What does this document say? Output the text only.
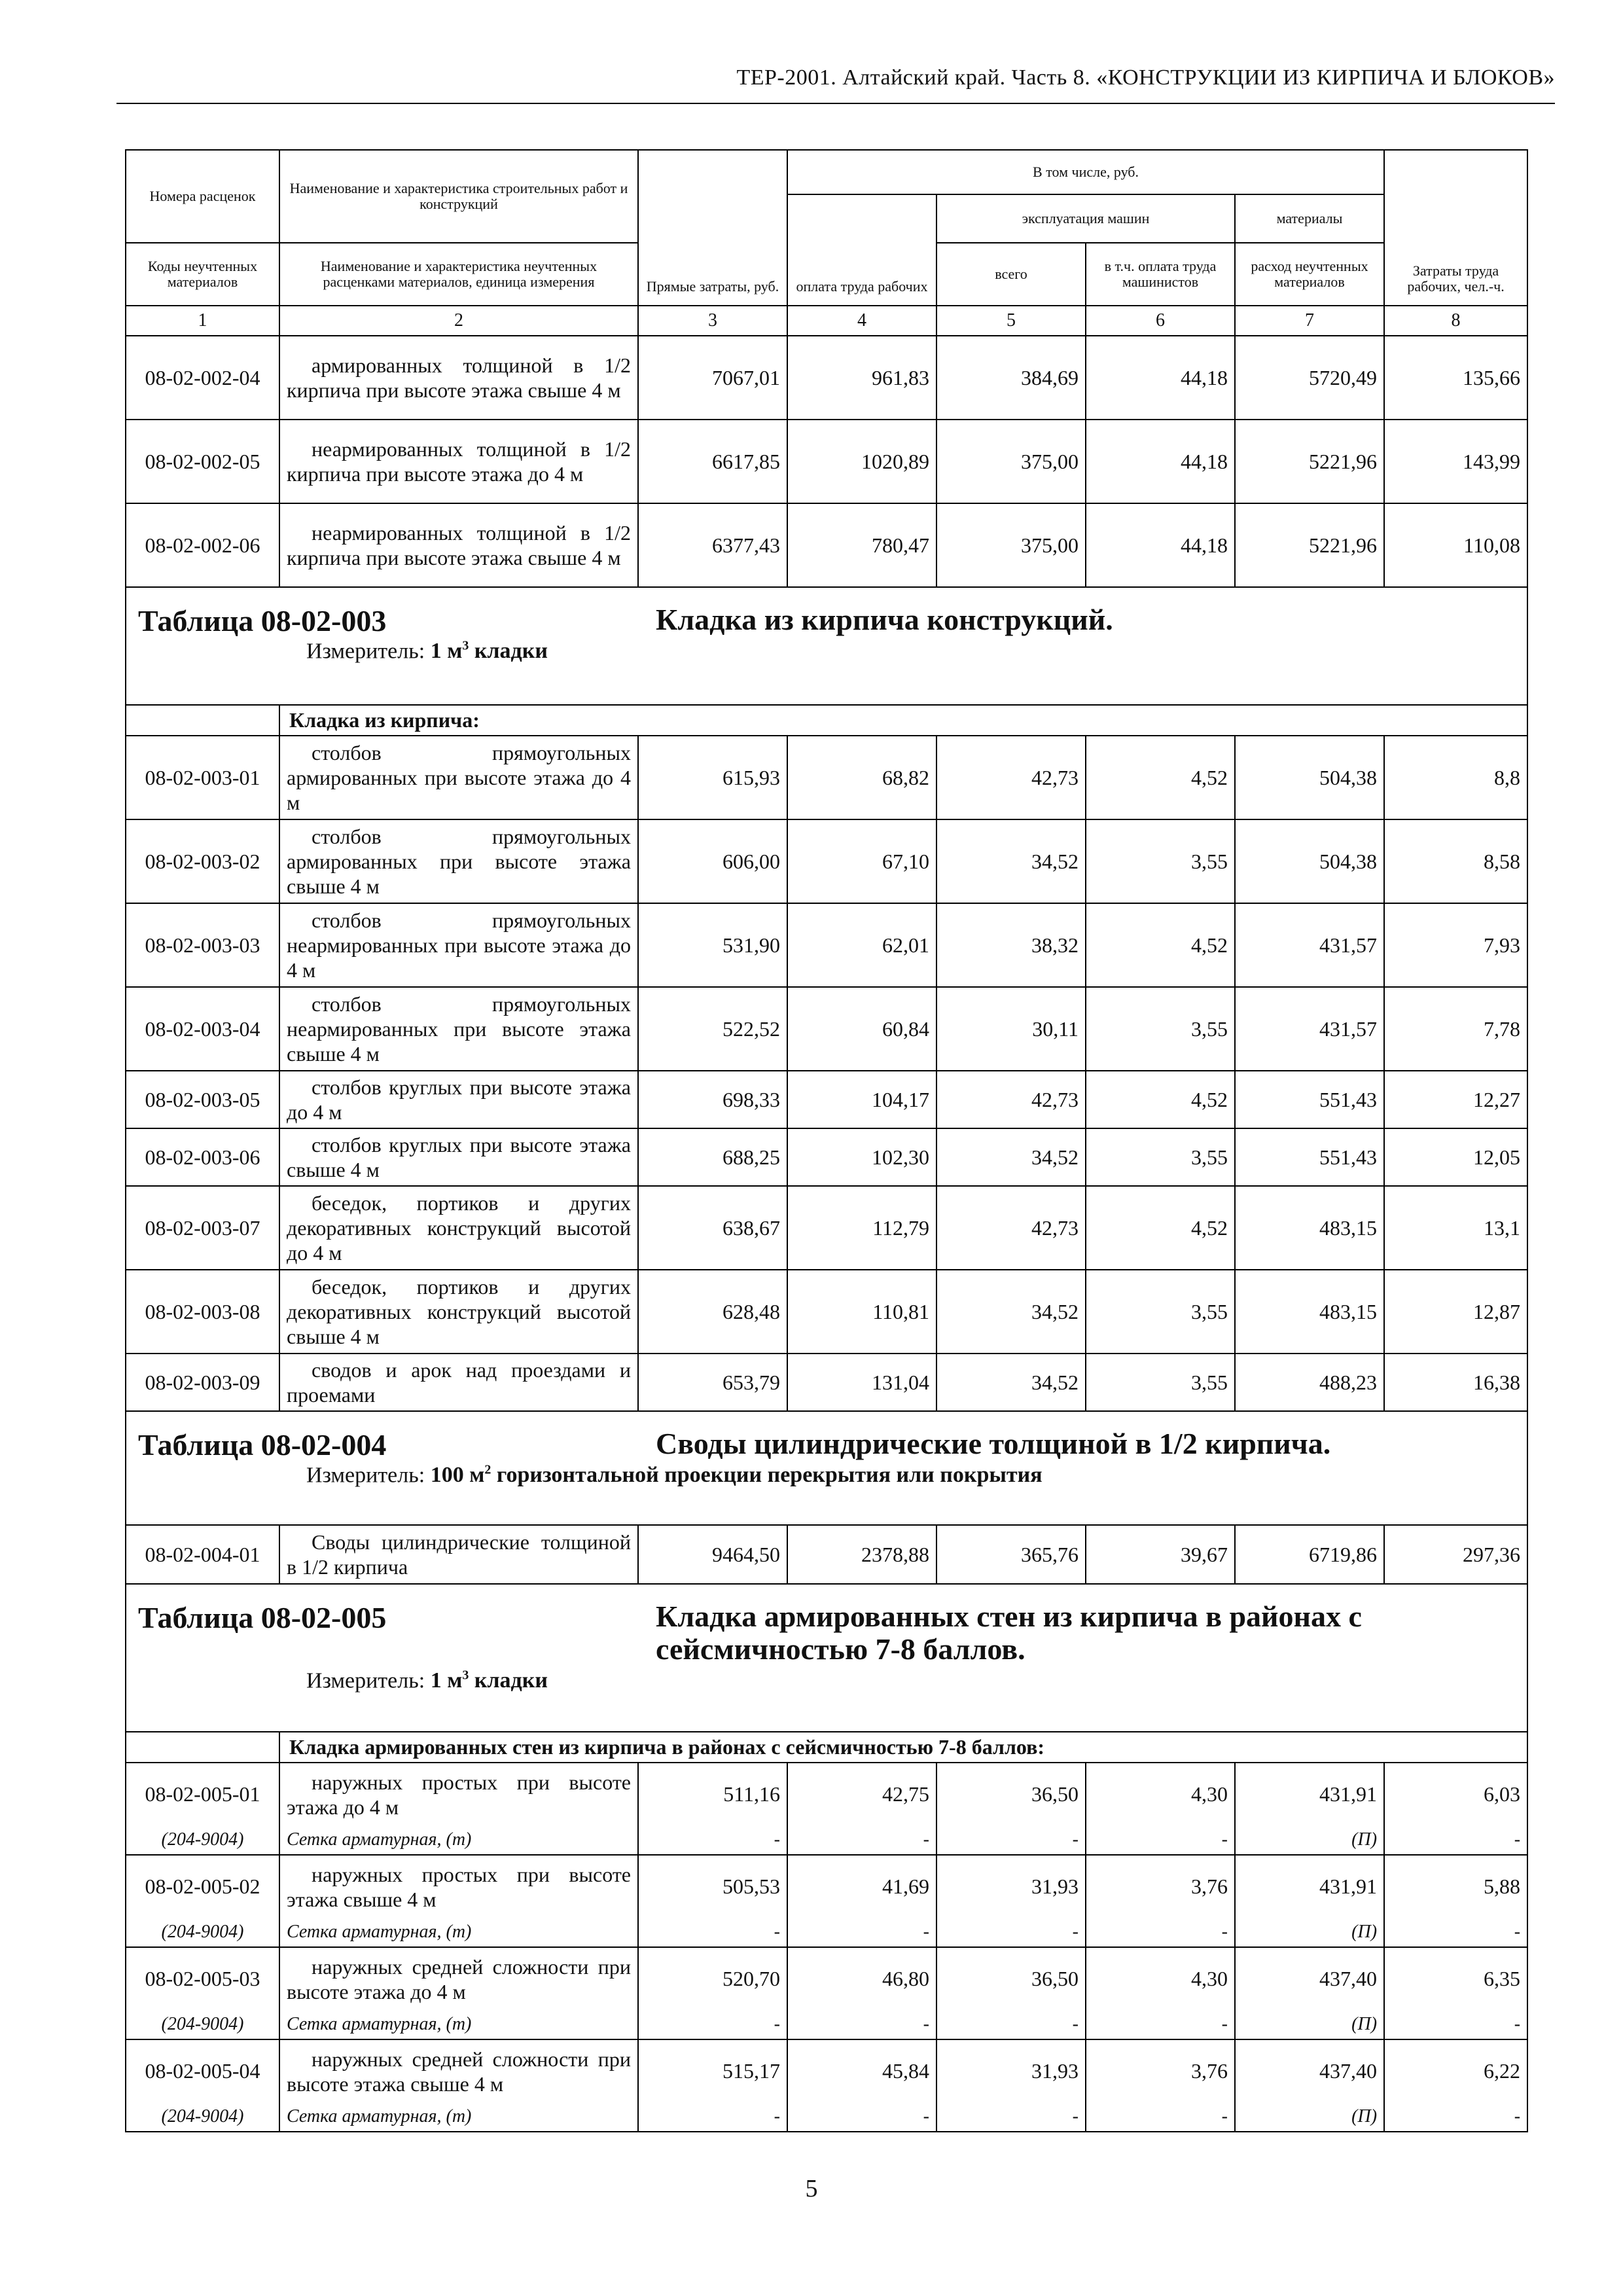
ТЕР-2001. Алтайский край. Часть 8. «КОНСТРУКЦИИ ИЗ КИРПИЧА И БЛОКОВ»
Номера расценок	Наименование и характеристика строительных работ и конструкций	Прямые затраты, руб.	В том числе, руб.				Затраты труда рабочих, чел.-ч.
			оплата труда рабочих	эксплуатация машин		материалы	
Коды неучтенных материалов	Наименование и характеристика неучтенных расценками материалов, единица измерения			всего	в т.ч. оплата труда машинистов	расход неучтенных материалов	
1	2	3	4	5	6	7	8
08-02-002-04	армированных толщиной в 1/2 кирпича при высоте этажа свыше 4 м	7067,01	961,83	384,69	44,18	5720,49	135,66
08-02-002-05	неармированных толщиной в 1/2 кирпича при высоте этажа до 4 м	6617,85	1020,89	375,00	44,18	5221,96	143,99
08-02-002-06	неармированных толщиной в 1/2 кирпича при высоте этажа свыше 4 м	6377,43	780,47	375,00	44,18	5221,96	110,08

Таблица 08-02-003 Кладка из кирпича конструкций.
Измеритель: 1 $м^3$ кладки							

	Кладка из кирпича:						
08-02-003-01	столбов прямоугольных армированных при высоте этажа до 4 м	615,93	68,82	42,73	4,52	504,38	8,8
08-02-003-02	столбов прямоугольных армированных при высоте этажа свыше 4 м	606,00	67,10	34,52	3,55	504,38	8,58
08-02-003-03	столбов прямоугольных неармированных при высоте этажа до 4 м	531,90	62,01	38,32	4,52	431,57	7,93
08-02-003-04	столбов прямоугольных неармированных при высоте этажа свыше 4 м	522,52	60,84	30,11	3,55	431,57	7,78
08-02-003-05	столбов круглых при высоте этажа до 4 м	698,33	104,17	42,73	4,52	551,43	12,27
08-02-003-06	столбов круглых при высоте этажа свыше 4 м	688,25	102,30	34,52	3,55	551,43	12,05
08-02-003-07	беседок, портиков и других декоративных конструкций высотой до 4 м	638,67	112,79	42,73	4,52	483,15	13,1
08-02-003-08	беседок, портиков и других декоративных конструкций высотой свыше 4 м	628,48	110,81	34,52	3,55	483,15	12,87
08-02-003-09	сводов и арок над проездами и проемами	653,79	131,04	34,52	3,55	488,23	16,38

Таблица 08-02-004 Своды цилиндрические толщиной в 1/2 кирпича.
Измеритель: 100 $м^2$ горизонтальной проекции перекрытия или покрытия							

08-02-004-01	Своды цилиндрические толщиной в 1/2 кирпича	9464,50	2378,88	365,76	39,67	6719,86	297,36

Таблица 08-02-005 Кладка армированных стен из кирпича в районах с сейсмичностью 7-8 баллов.
Измеритель: 1 $м^3$ кладки							

	Кладка армированных стен из кирпича в районах с сейсмичностью 7-8 баллов:						
08-02-005-01	наружных простых при высоте этажа до 4 м	511,16	42,75	36,50	4,30	431,91	6,03
(204-9004)	Сетка арматурная, (т)	-	-	-	-	(П)	-
08-02-005-02	наружных простых при высоте этажа свыше 4 м	505,53	41,69	31,93	3,76	431,91	5,88
(204-9004)	Сетка арматурная, (т)	-	-	-	-	(П)	-
08-02-005-03	наружных средней сложности при высоте этажа до 4 м	520,70	46,80	36,50	4,30	437,40	6,35
(204-9004)	Сетка арматурная, (т)	-	-	-	-	(П)	-
08-02-005-04	наружных средней сложности при высоте этажа свыше 4 м	515,17	45,84	31,93	3,76	437,40	6,22
(204-9004)	Сетка арматурная, (т)	-	-	-	-	(П)	-
5
